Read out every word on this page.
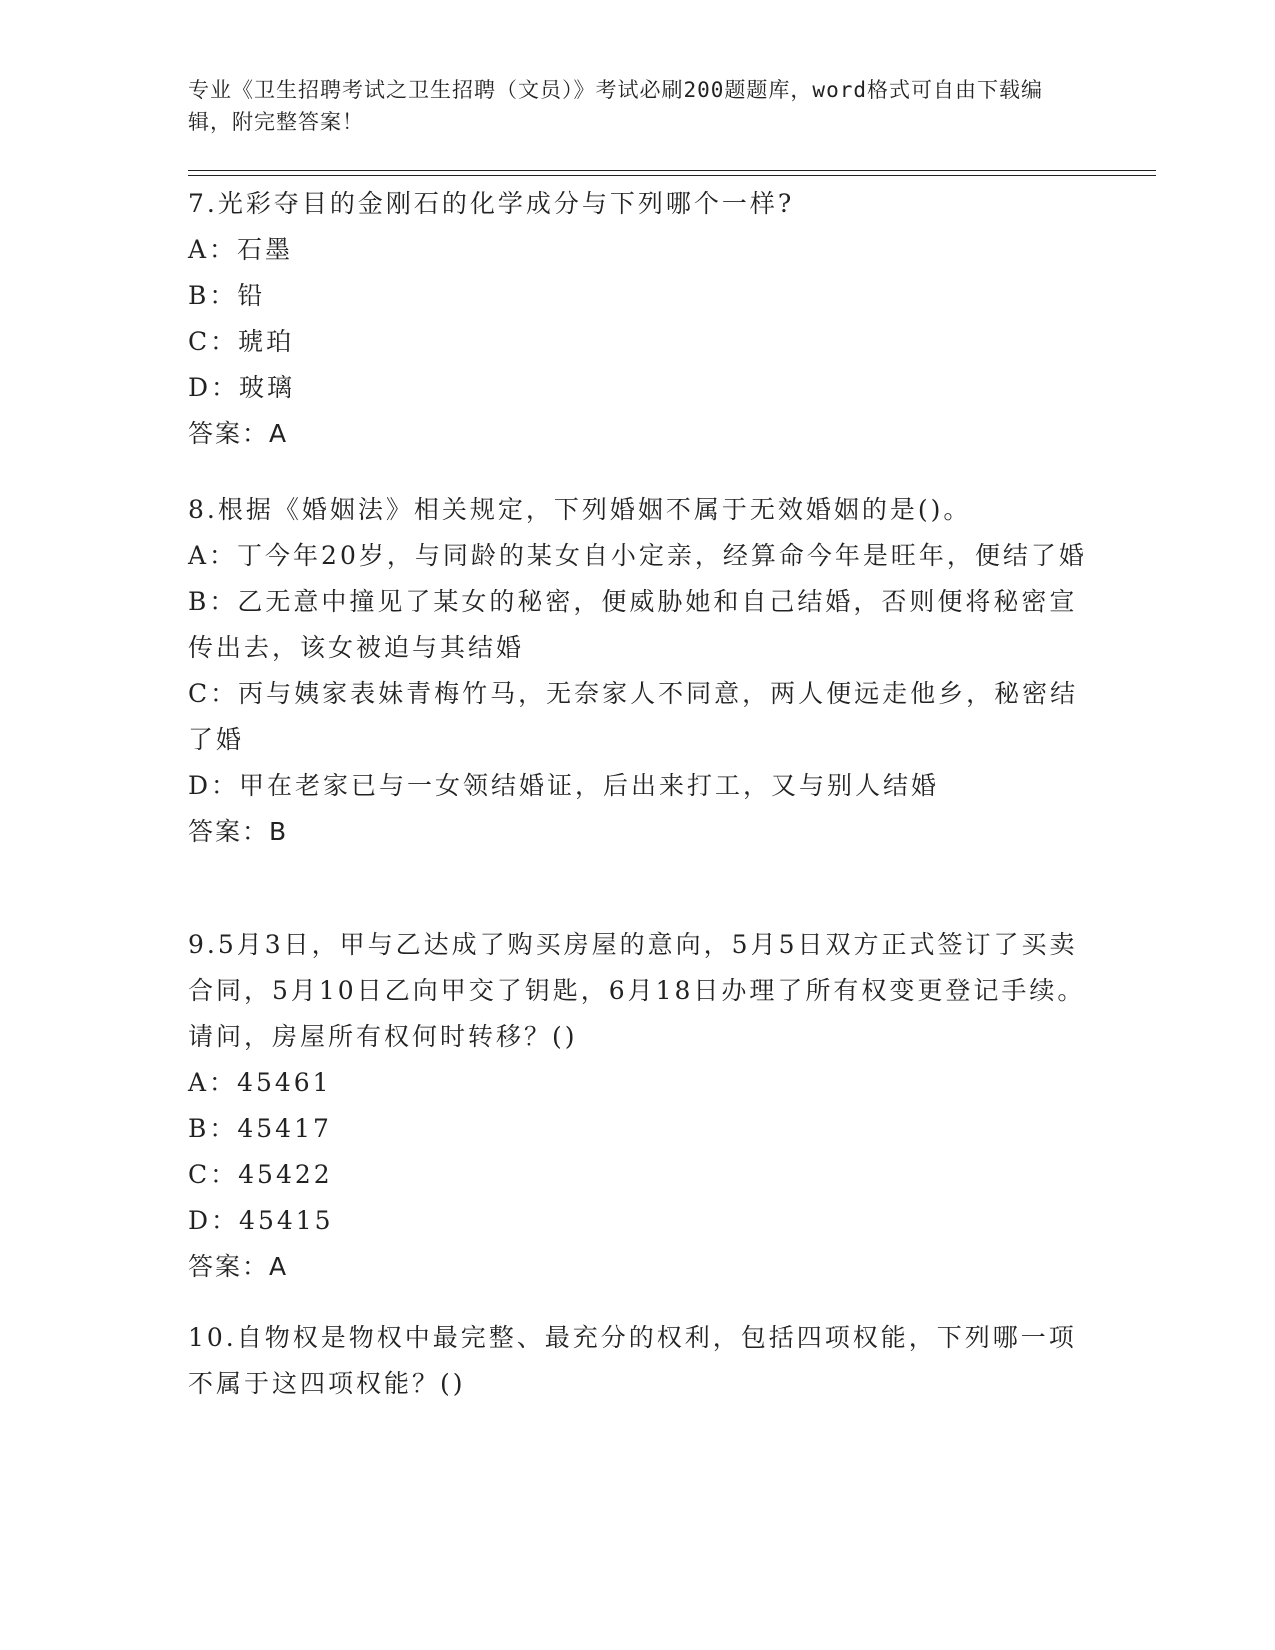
专业《卫生招聘考试之卫生招聘（文员）》考试必刷200题题库，word格式可自由下载编辑，附完整答案！

7.光彩夺目的金刚石的化学成分与下列哪个一样?

A：石墨

B：铅

C：琥珀

D：玻璃

答案：A

8.根据《婚姻法》相关规定，下列婚姻不属于无效婚姻的是()。

A：丁今年20岁，与同龄的某女自小定亲，经算命今年是旺年，便结了婚

B：乙无意中撞见了某女的秘密，便威胁她和自己结婚，否则便将秘密宣传出去，该女被迫与其结婚

C：丙与姨家表妹青梅竹马，无奈家人不同意，两人便远走他乡，秘密结了婚

D：甲在老家已与一女领结婚证，后出来打工，又与别人结婚

答案：B

9.5月3日，甲与乙达成了购买房屋的意向，5月5日双方正式签订了买卖合同，5月10日乙向甲交了钥匙，6月18日办理了所有权变更登记手续。请问，房屋所有权何时转移？()

A：45461

B：45417

C：45422

D：45415

答案：A

10.自物权是物权中最完整、最充分的权利，包括四项权能，下列哪一项不属于这四项权能？()
